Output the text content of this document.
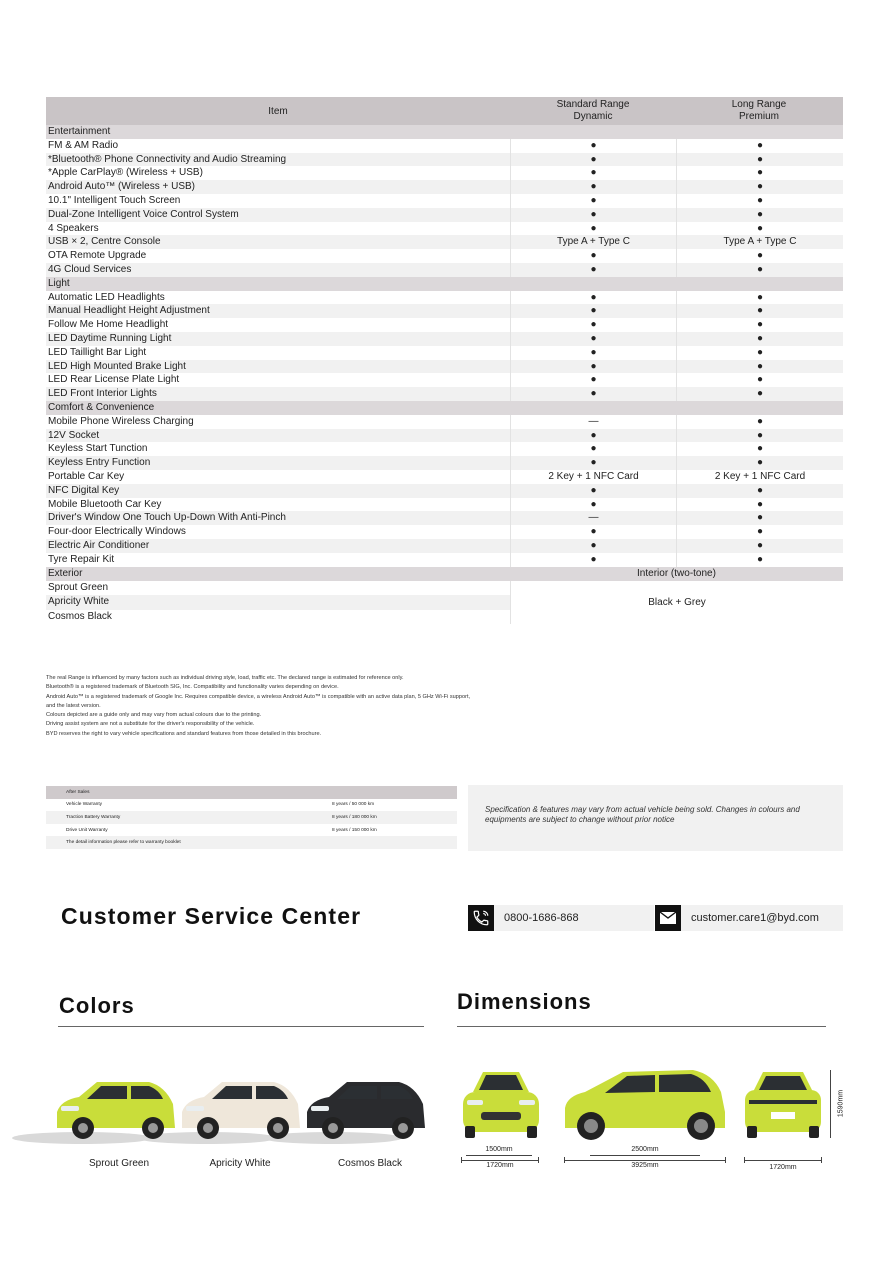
Item
Standard Range
Dynamic
Long Range
Premium
Entertainment
FM & AM Radio	●	●
*Bluetooth® Phone Connectivity and Audio Streaming	●	●
*Apple CarPlay® (Wireless + USB)	●	●
Android Auto™ (Wireless + USB)	●	●
10.1" Intelligent Touch Screen	●	●
Dual-Zone Intelligent Voice Control System	●	●
4 Speakers	●	●
USB × 2, Centre Console	Type A + Type C	Type A + Type C
OTA Remote Upgrade	●	●
4G Cloud Services	●	●
Light
Automatic LED Headlights	●	●
Manual Headlight Height Adjustment	●	●
Follow Me Home Headlight	●	●
LED Daytime Running Light	●	●
LED Taillight Bar Light	●	●
LED High Mounted Brake Light	●	●
LED Rear License Plate Light	●	●
LED Front Interior Lights	●	●
Comfort & Convenience
Mobile Phone Wireless Charging	—	●
12V Socket	●	●
Keyless Start Tunction	●	●
Keyless Entry Function	●	●
Portable Car Key	2 Key + 1 NFC Card	2 Key + 1 NFC Card
NFC Digital Key	●	●
Mobile Bluetooth Car Key	●	●
Driver's Window One Touch Up-Down With Anti-Pinch	—	●
Four-door Electrically Windows	●	●
Electric Air Conditioner	●	●
Tyre Repair Kit	●	●
Exterior	Interior (two-tone)
Sprout Green
Apricity White
Cosmos Black
Black + Grey
The real Range is influenced by many factors such as individual driving style, load, traffic etc. The declared range is estimated for reference only.
Bluetooth® is a registered trademark of Bluetooth SIG, Inc. Compatibility and functionality varies depending on device.
Android Auto™ is a registered trademark of Google Inc. Requires compatible device, a wireless Android Auto™ is compatible with an active data plan, 5 GHz Wi-Fi support,
and the latest version.
Colours depicted are a guide only and may vary from actual colours due to the printing.
Driving assist system are not a substitute for the driver's responsibility of the vehicle.
BYD reserves the right to vary vehicle specifications and standard features from those detailed in this brochure.
After Sales
Vehicle Warranty	8 years / 50 000 km
Traction Battery Warranty	8 years / 180 000 km
Drive Unit Warranty	8 years / 150 000 km
The detail information please refer to warranty booklet
Specification & features may vary from actual vehicle being sold. Changes in colours and equipments are subject to change without prior notice
Customer Service Center	0800-1686-868	customer.care1@byd.com
Colors
Sprout Green	Apricity White	Cosmos Black
Dimensions
1500mm
1720mm
2500mm
3925mm	1720mm
1590mm
